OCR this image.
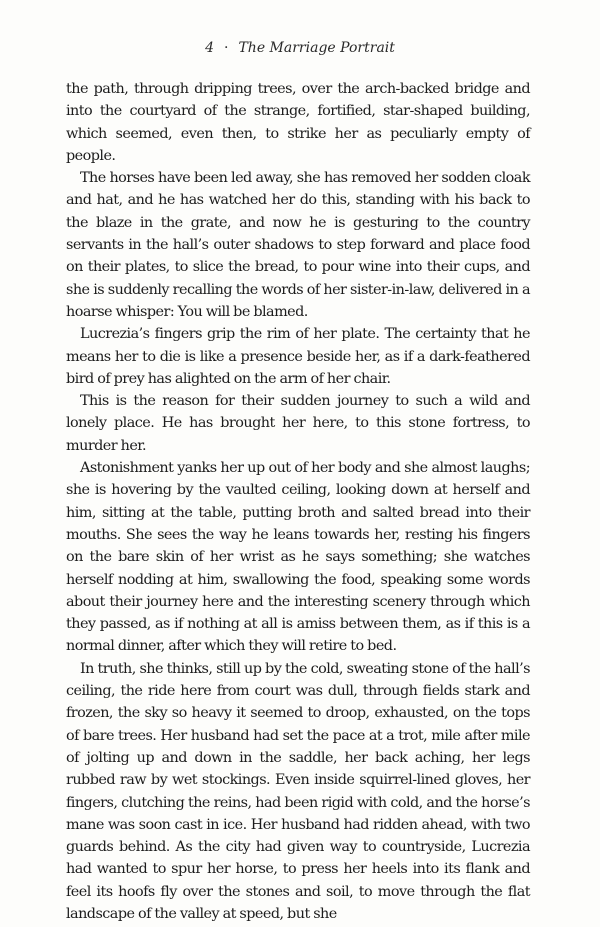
4 · The Marriage Portrait

the path, through dripping trees, over the arch-backed bridge and into the courtyard of the strange, fortified, star-shaped building, which seemed, even then, to strike her as peculiarly empty of people.

The horses have been led away, she has removed her sodden cloak and hat, and he has watched her do this, standing with his back to the blaze in the grate, and now he is gesturing to the country servants in the hall’s outer shadows to step forward and place food on their plates, to slice the bread, to pour wine into their cups, and she is suddenly recalling the words of her sister-in-law, delivered in a hoarse whisper: You will be blamed.

Lucrezia’s fingers grip the rim of her plate. The certainty that he means her to die is like a presence beside her, as if a dark-feathered bird of prey has alighted on the arm of her chair.

This is the reason for their sudden journey to such a wild and lonely place. He has brought her here, to this stone fortress, to murder her.

Astonishment yanks her up out of her body and she almost laughs; she is hovering by the vaulted ceiling, looking down at herself and him, sitting at the table, putting broth and salted bread into their mouths. She sees the way he leans towards her, resting his fingers on the bare skin of her wrist as he says something; she watches herself nodding at him, swallowing the food, speaking some words about their journey here and the interesting scenery through which they passed, as if nothing at all is amiss between them, as if this is a normal dinner, after which they will retire to bed.

In truth, she thinks, still up by the cold, sweating stone of the hall’s ceiling, the ride here from court was dull, through fields stark and frozen, the sky so heavy it seemed to droop, exhausted, on the tops of bare trees. Her husband had set the pace at a trot, mile after mile of jolting up and down in the saddle, her back aching, her legs rubbed raw by wet stockings. Even inside squirrel-lined gloves, her fingers, clutching the reins, had been rigid with cold, and the horse’s mane was soon cast in ice. Her husband had ridden ahead, with two guards behind. As the city had given way to countryside, Lucrezia had wanted to spur her horse, to press her heels into its flank and feel its hoofs fly over the stones and soil, to move through the flat landscape of the valley at speed, but she
